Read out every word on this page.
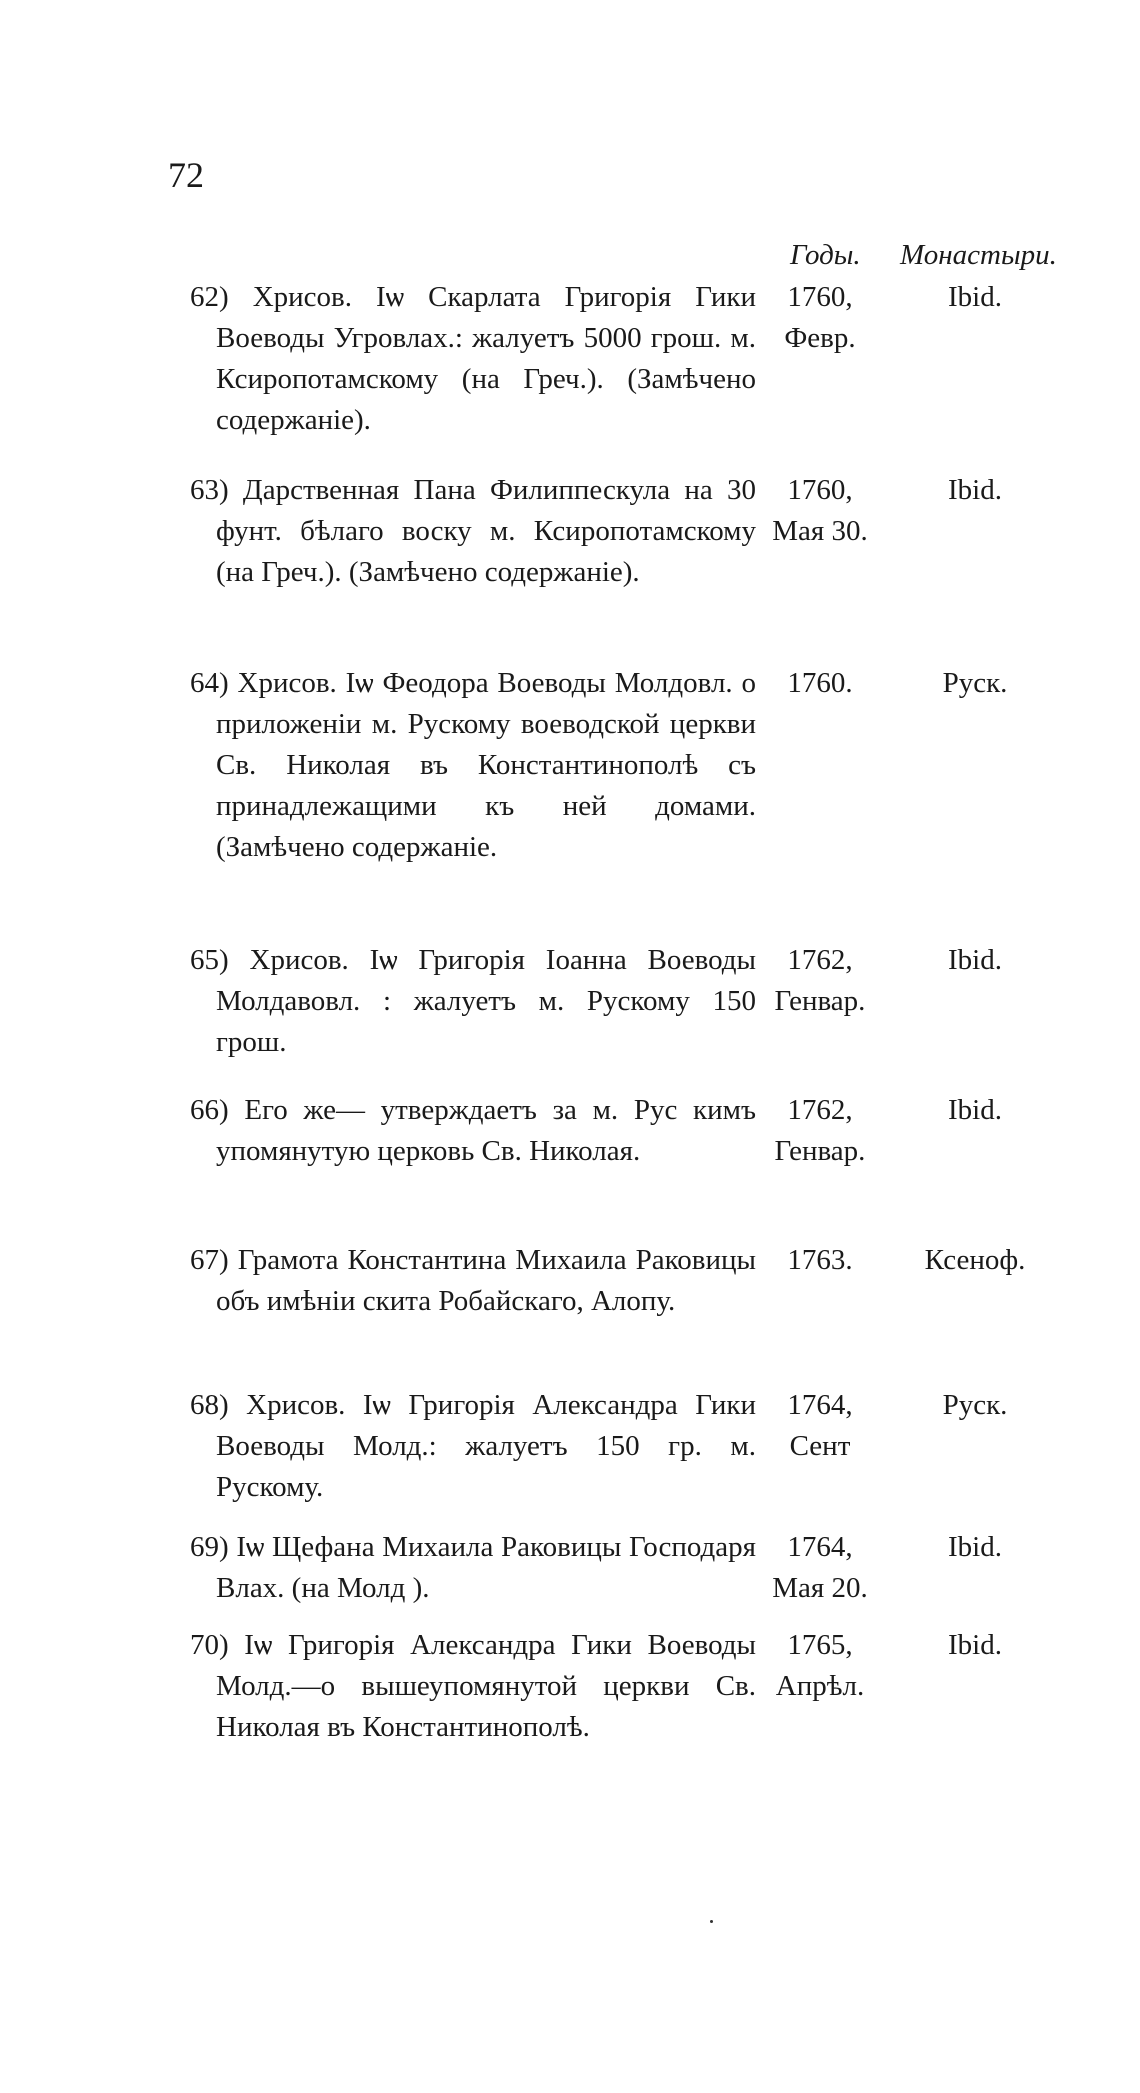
72
Годы. Монастыри.
62) Хрисов. Іѡ Скарлата Григорія Гики Воеводы Угровлах.: жалуетъ 5000 грош. м. Ксиропотамскому (на Греч.). (Замѣчено содержаніе).
1760,
Февр.
Ibid.
63) Дарственная Пана Филиппескула на 30 фунт. бѣлаго воску м. Ксиропотамскому (на Греч.). (Замѣчено содержаніе).
1760,
Мая 30.
Ibid.
64) Хрисов. Іѡ Феодора Воеводы Молдовл. о приложеніи м. Рускому воеводской церкви Св. Николая въ Константинополѣ съ принадлежащими къ ней домами. (Замѣчено содержаніе.
1760.	Руск.
65) Хрисов. Іѡ Григорія Іоанна Воеводы Молдавовл. : жалуетъ м. Рускому 150 грош.
1762,
Генвар.
Ibid.
66) Его же— утверждаетъ за м. Рус кимъ упомянутую церковь Св. Николая.
1762,
Генвар.
Ibid.
67) Грамота Константина Михаила Раковицы объ имѣніи скита Робайскаго, Алопу.
1763.	Ксеноф.
68) Хрисов. Іѡ Григорія Александра Гики Воеводы Молд.: жалуетъ 150 гр. м. Рускому.
1764,
Сент
Руск.
69) Іѡ Щефана Михаила Раковицы Господаря Влах. (на Молд ).
1764,
Мая 20.
Ibid.
70) Іѡ Григорія Александра Гики Воеводы Молд.—о вышеупомянутой церкви Св. Николая въ Константинополѣ.
1765,
Апрѣл.
Ibid.
